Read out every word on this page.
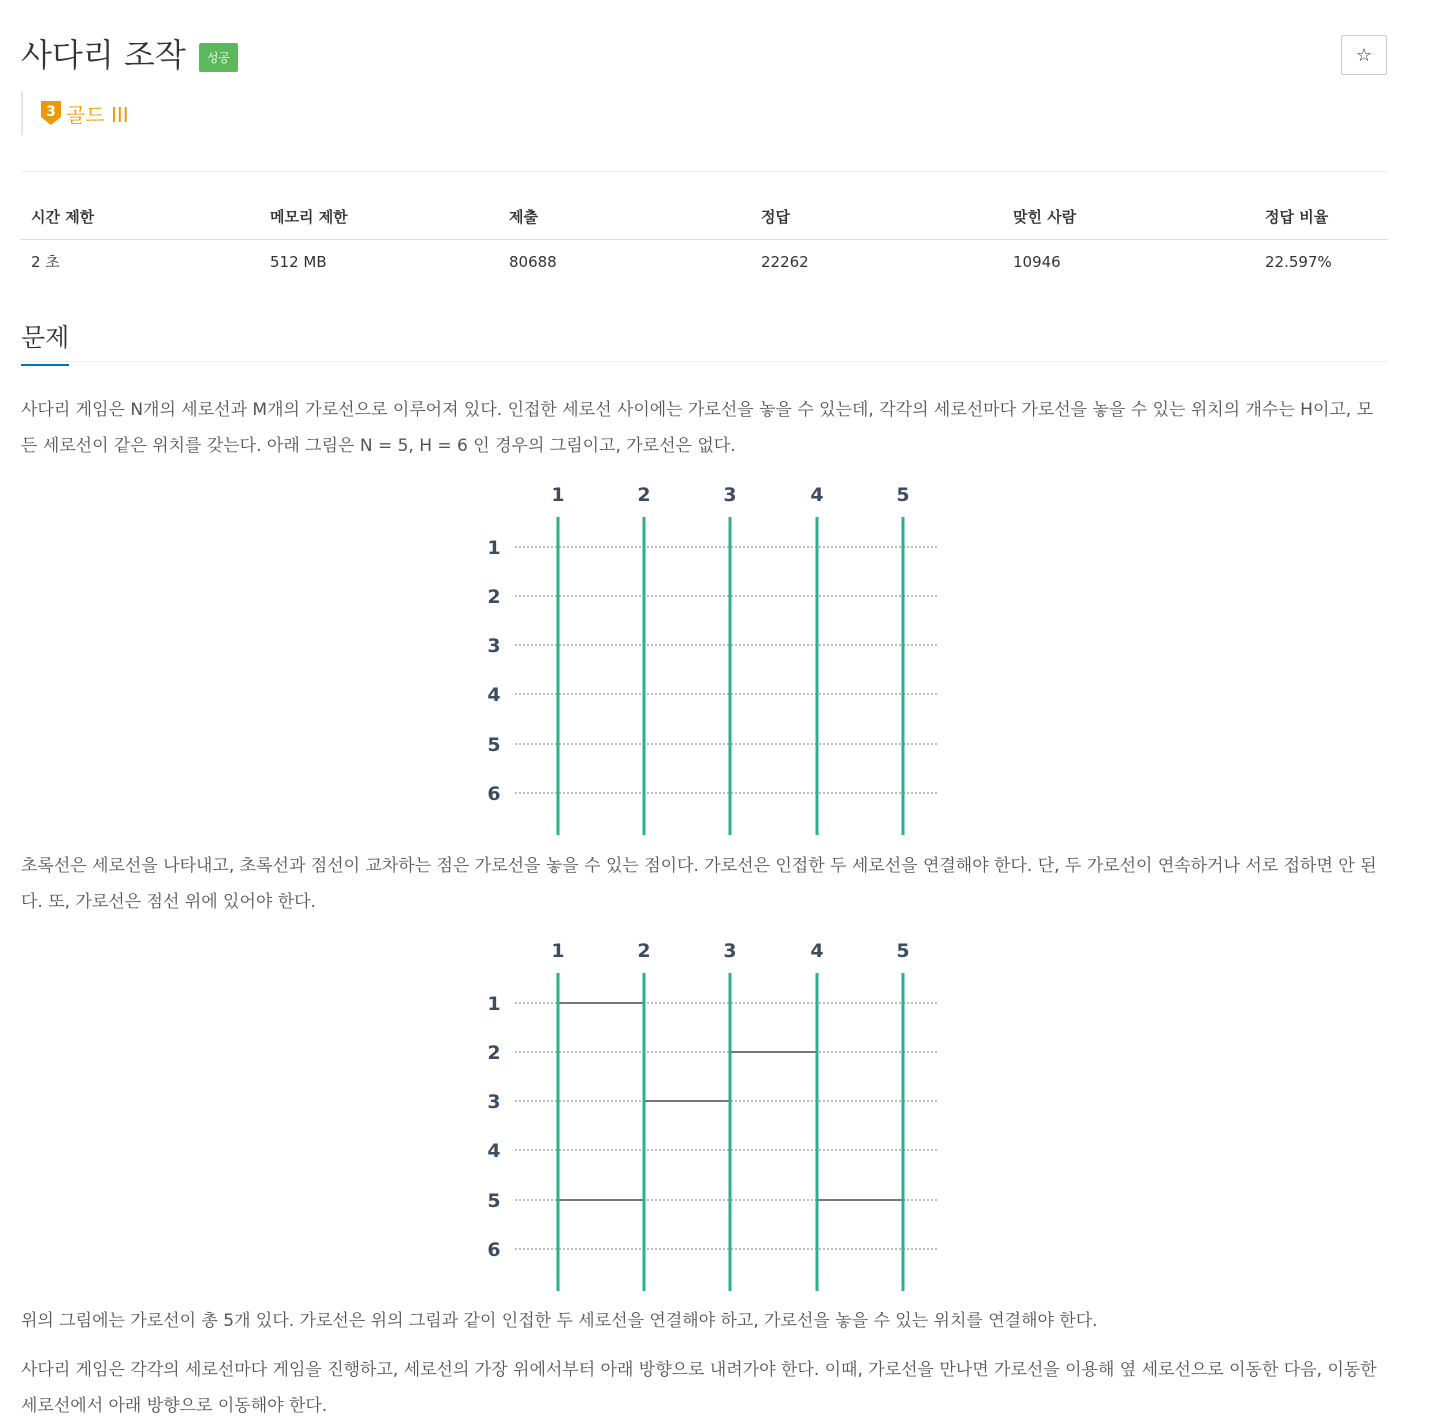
사다리 조작 성공	☆
3 골드 III
시간 제한	메모리 제한	제출	정답	맞힌 사람	정답 비율
2 초	512 MB	80688	22262	10946	22.597%
문제

사다리 게임은 N개의 세로선과 M개의 가로선으로 이루어져 있다. 인접한 세로선 사이에는 가로선을 놓을 수 있는데, 각각의 세로선마다 가로선을 놓을 수 있는 위치의 개수는 H이고, 모든 세로선이 같은 위치를 갖는다. 아래 그림은 N = 5, H = 6 인 경우의 그림이고, 가로선은 없다.

1	2	3	4	5
1
2
3
4
5
6

초록선은 세로선을 나타내고, 초록선과 점선이 교차하는 점은 가로선을 놓을 수 있는 점이다. 가로선은 인접한 두 세로선을 연결해야 한다. 단, 두 가로선이 연속하거나 서로 접하면 안 된다. 또, 가로선은 점선 위에 있어야 한다.

1	2	3	4	5
1
2
3
4
5
6

위의 그림에는 가로선이 총 5개 있다. 가로선은 위의 그림과 같이 인접한 두 세로선을 연결해야 하고, 가로선을 놓을 수 있는 위치를 연결해야 한다.

사다리 게임은 각각의 세로선마다 게임을 진행하고, 세로선의 가장 위에서부터 아래 방향으로 내려가야 한다. 이때, 가로선을 만나면 가로선을 이용해 옆 세로선으로 이동한 다음, 이동한 세로선에서 아래 방향으로 이동해야 한다.
